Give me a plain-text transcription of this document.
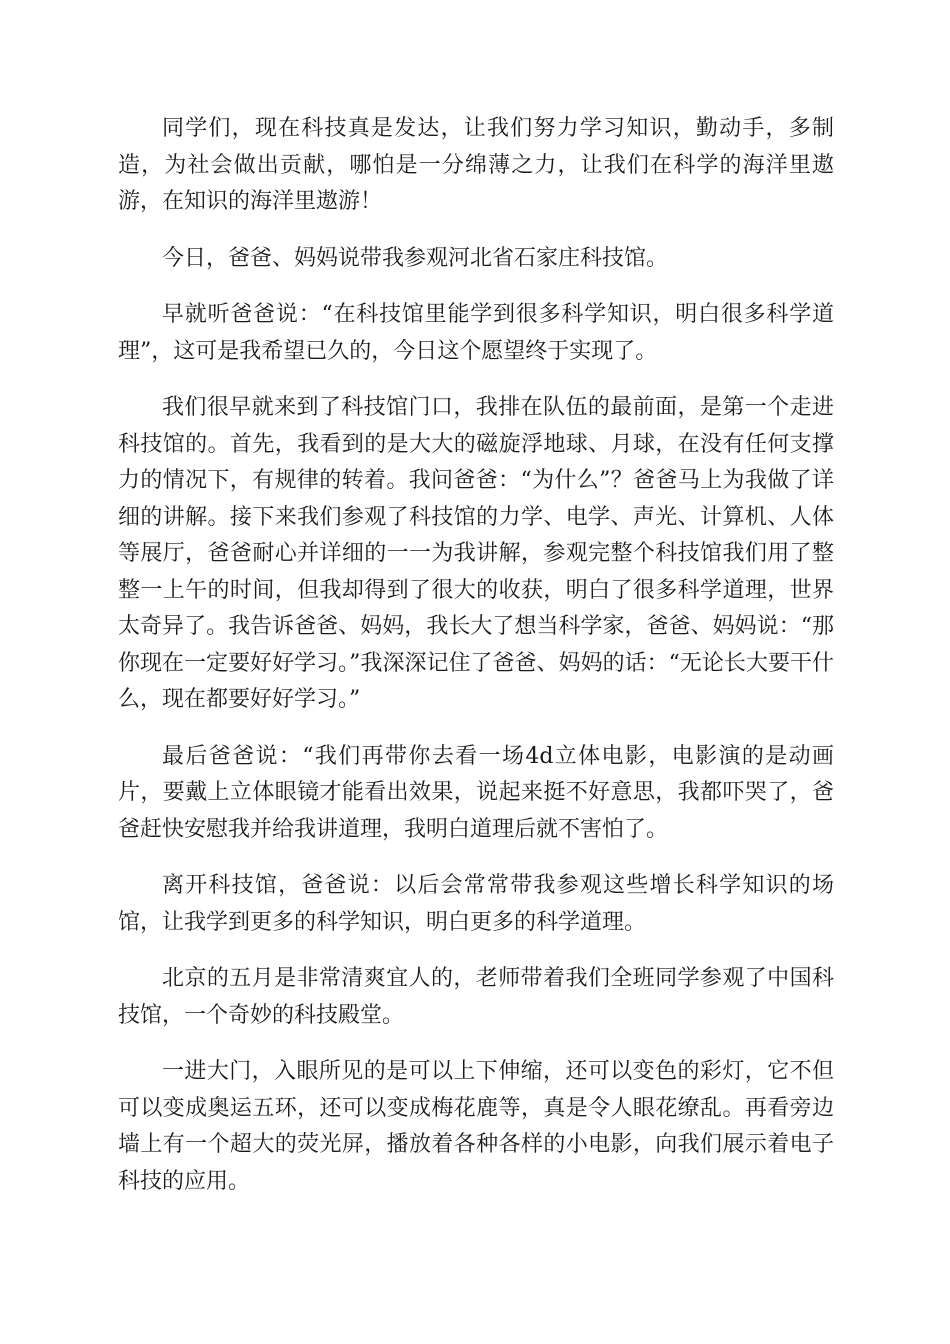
同学们，现在科技真是发达，让我们努力学习知识，勤动手，多制造，为社会做出贡献，哪怕是一分绵薄之力，让我们在科学的海洋里遨游，在知识的海洋里遨游！

今日，爸爸、妈妈说带我参观河北省石家庄科技馆。

早就听爸爸说：“在科技馆里能学到很多科学知识，明白很多科学道理”，这可是我希望已久的，今日这个愿望终于实现了。

我们很早就来到了科技馆门口，我排在队伍的最前面，是第一个走进科技馆的。首先，我看到的是大大的磁旋浮地球、月球，在没有任何支撑力的情况下，有规律的转着。我问爸爸：“为什么”？爸爸马上为我做了详细的讲解。接下来我们参观了科技馆的力学、电学、声光、计算机、人体等展厅，爸爸耐心并详细的一一为我讲解，参观完整个科技馆我们用了整整一上午的时间，但我却得到了很大的收获，明白了很多科学道理，世界太奇异了。我告诉爸爸、妈妈，我长大了想当科学家，爸爸、妈妈说：“那你现在一定要好好学习。”我深深记住了爸爸、妈妈的话：“无论长大要干什么，现在都要好好学习。”

最后爸爸说：“我们再带你去看一场4d立体电影，电影演的是动画片，要戴上立体眼镜才能看出效果，说起来挺不好意思，我都吓哭了，爸爸赶快安慰我并给我讲道理，我明白道理后就不害怕了。

离开科技馆，爸爸说：以后会常常带我参观这些增长科学知识的场馆，让我学到更多的科学知识，明白更多的科学道理。

北京的五月是非常清爽宜人的，老师带着我们全班同学参观了中国科技馆，一个奇妙的科技殿堂。

一进大门，入眼所见的是可以上下伸缩，还可以变色的彩灯，它不但可以变成奥运五环，还可以变成梅花鹿等，真是令人眼花缭乱。再看旁边墙上有一个超大的荧光屏，播放着各种各样的小电影，向我们展示着电子科技的应用。
